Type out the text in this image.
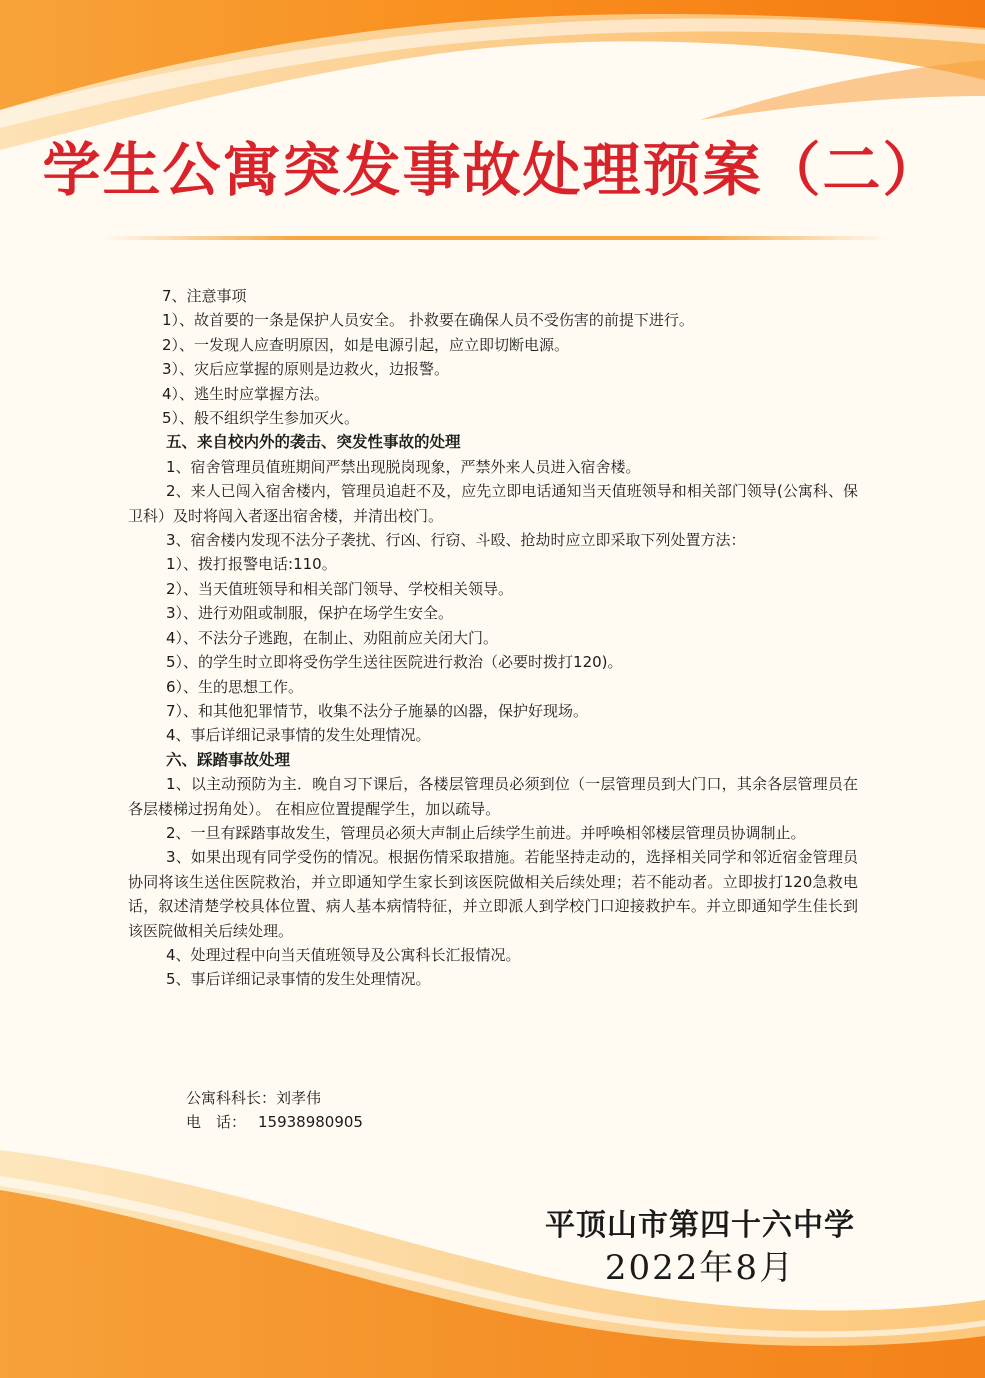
学生公寓突发事故处理预案（二）
7、注意事项
1）、故首要的一条是保护人员安全。 扑救要在确保人员不受伤害的前提下进行。
2）、一发现人应查明原因，如是电源引起，应立即切断电源。
3）、灾后应掌握的原则是边救火，边报警。
4）、逃生时应掌握方法。
5）、般不组织学生参加灭火。
五、来自校内外的袭击、突发性事故的处理
1、宿舍管理员值班期间严禁出现脱岗现象，严禁外来人员进入宿舍楼。
2、来人已闯入宿舍楼内，管理员追赶不及，应先立即电话通知当天值班领导和相关部门领导(公寓科、保卫科）及时将闯入者逐出宿舍楼，并清出校门。
3、宿舍楼内发现不法分子袭扰、行凶、行窃、斗殴、抢劫时应立即采取下列处置方法：
1）、拨打报警电话:110。
2）、当天值班领导和相关部门领导、学校相关领导。
3）、进行劝阻或制服，保护在场学生安全。
4）、不法分子逃跑，在制止、劝阻前应关闭大门。
5）、的学生时立即将受伤学生送往医院进行救治（必要时拨打120)。
6）、生的思想工作。
7）、和其他犯罪情节，收集不法分子施暴的凶器，保护好现场。
4、事后详细记录事情的发生处理情况。
六、踩踏事故处理
1、以主动预防为主．晚自习下课后，各楼层管理员必须到位（一层管理员到大门口，其余各层管理员在各层楼梯过拐角处）。 在相应位置提醒学生，加以疏导。
2、一旦有踩踏事故发生，管理员必须大声制止后续学生前进。并呼唤相邻楼层管理员协调制止。
3、如果出现有同学受伤的情况。根据伤情采取措施。若能坚持走动的，选择相关同学和邻近宿金管理员协同将该生送住医院救治，并立即通知学生家长到该医院做相关后续处理；若不能动者。立即拔打120急救电话，叙述清楚学校具体位置、病人基本病情特征，并立即派人到学校门口迎接救护车。并立即通知学生佳长到该医院做相关后续处理。
4、处理过程中向当天值班领导及公寓科长汇报情况。
5、事后详细记录事情的发生处理情况。
公寓科科长：刘孝伟
电　话： 15938980905
平顶山市第四十六中学
2022年8月
